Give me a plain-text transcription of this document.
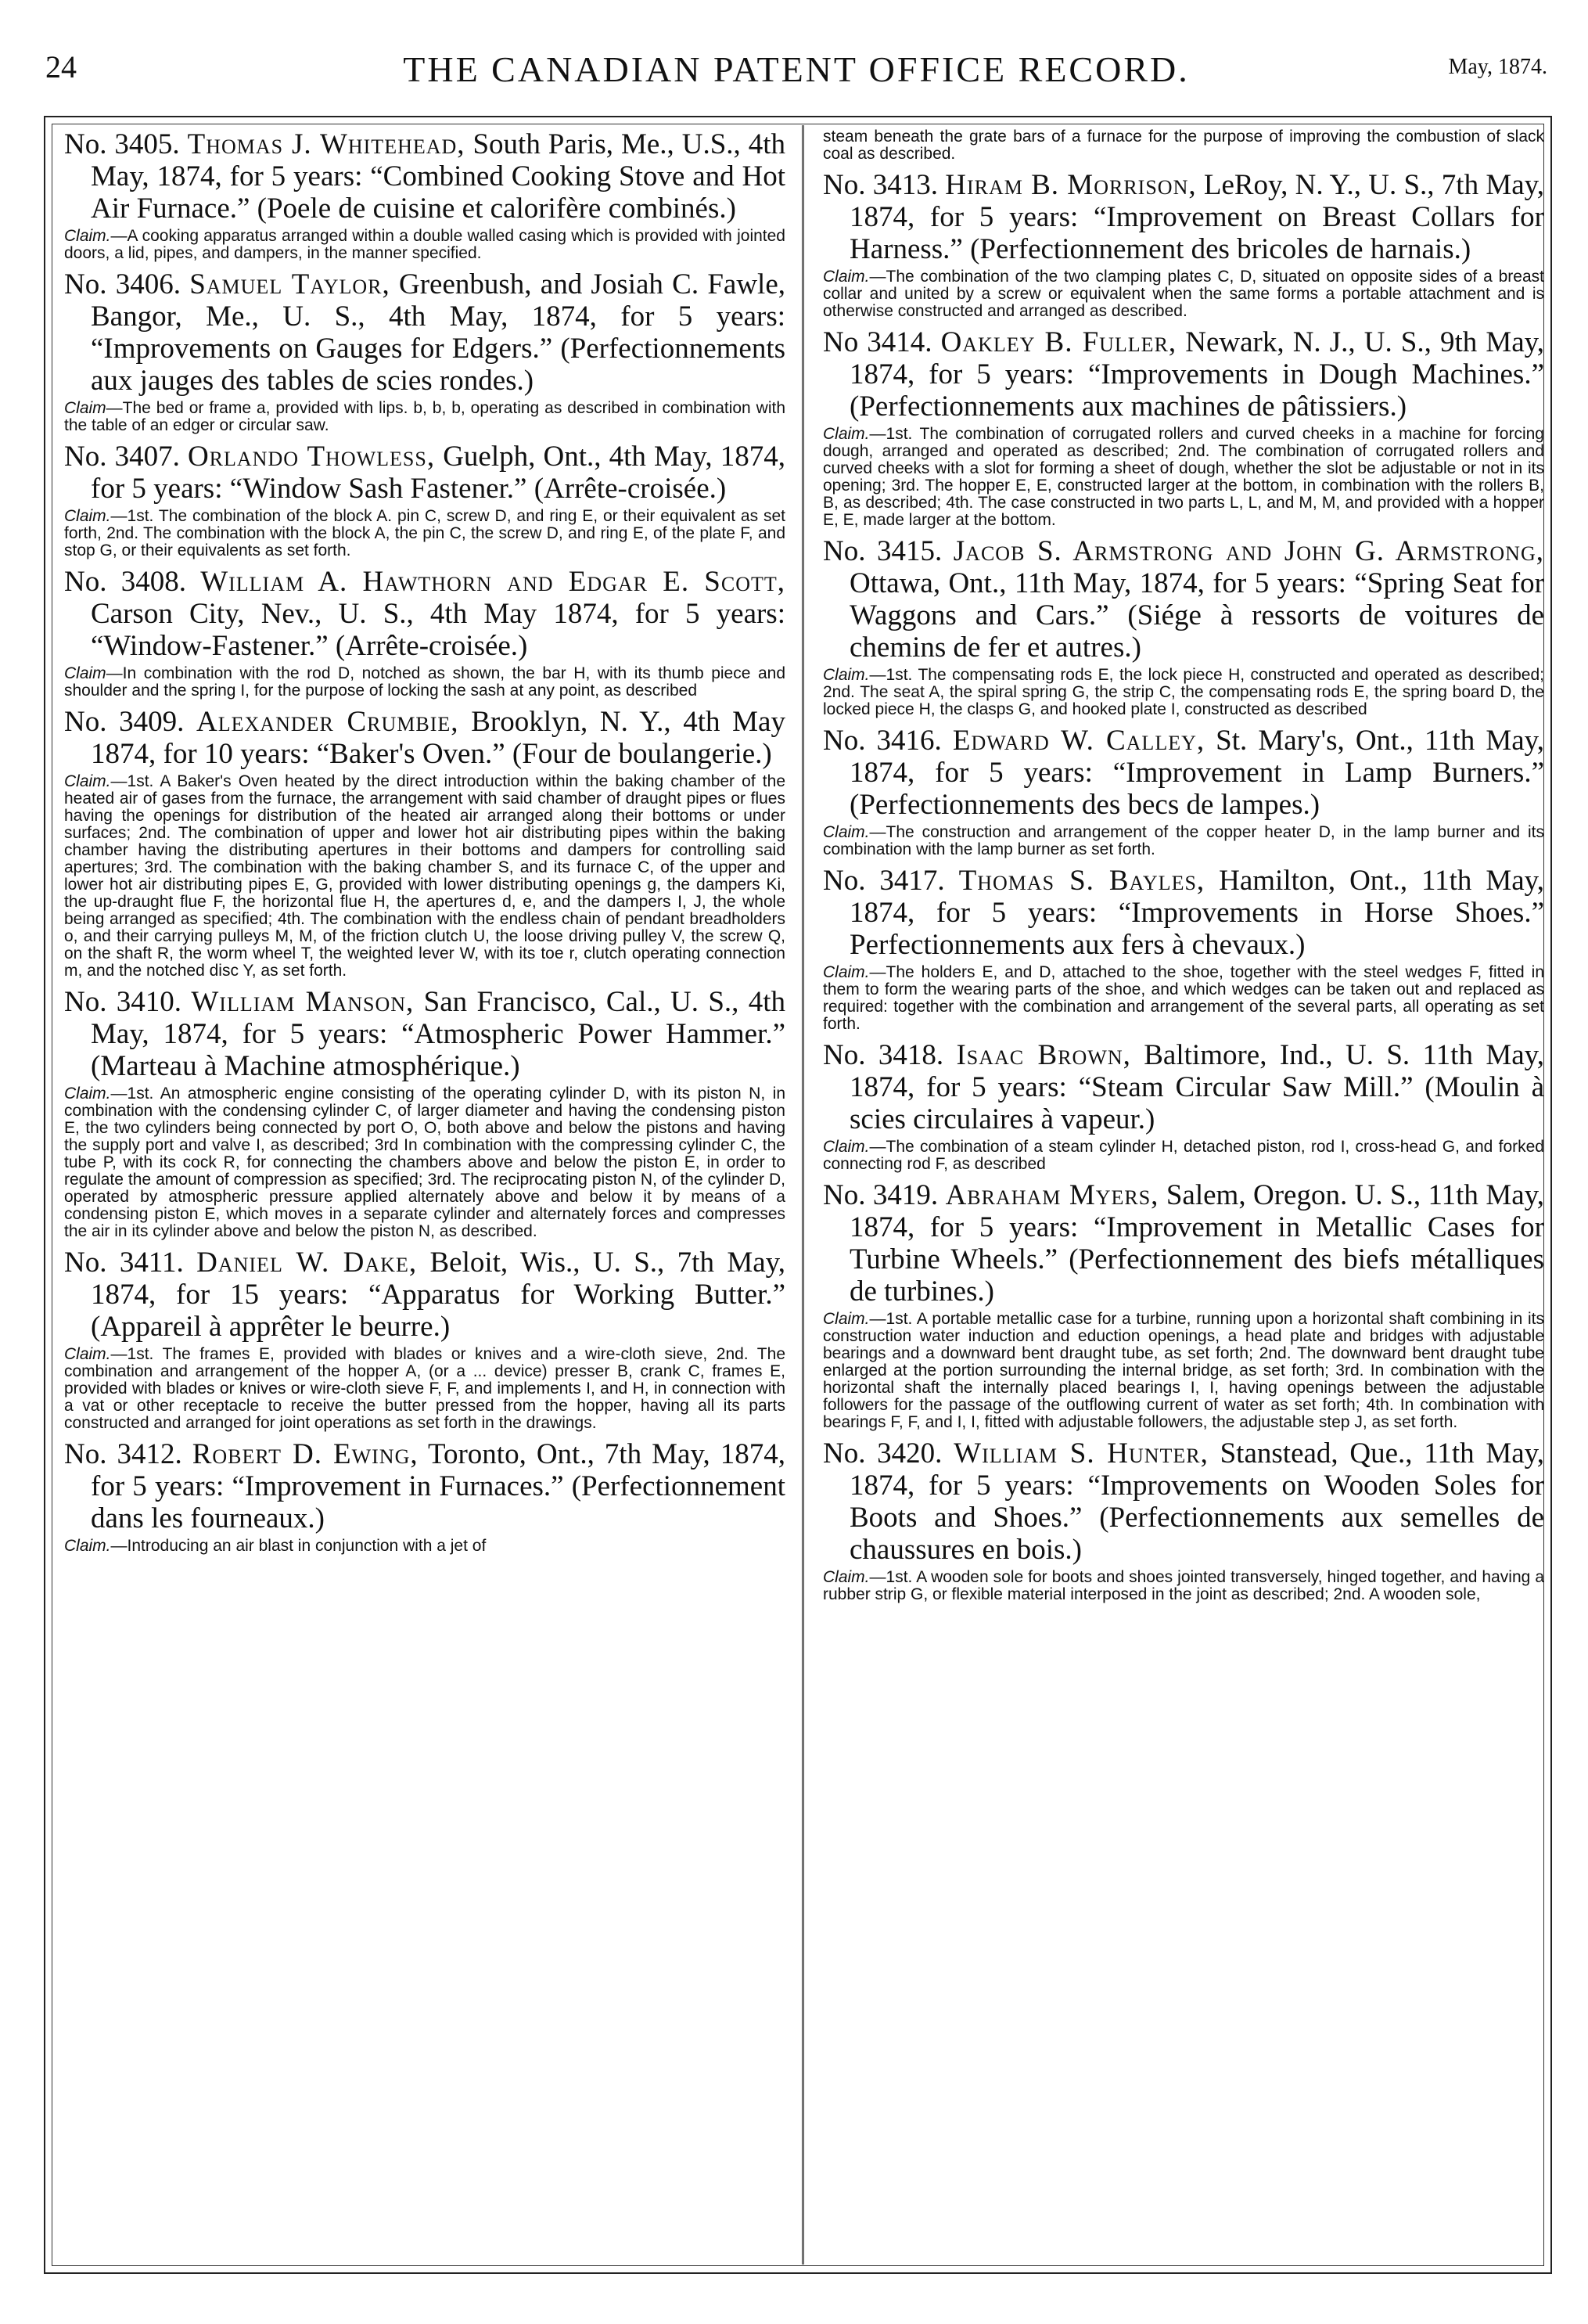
24	THE CANADIAN PATENT OFFICE RECORD.	May, 1874.

No. 3405. Thomas J. Whitehead, South Paris, Me., U.S., 4th May, 1874, for 5 years: “Combined Cooking Stove and Hot Air Furnace.” (Poele de cuisine et calorifère combinés.)

Claim.—A cooking apparatus arranged within a double walled casing which is provided with jointed doors, a lid, pipes, and dampers, in the manner specified.

No. 3406. Samuel Taylor, Greenbush, and Josiah C. Fawle, Bangor, Me., U. S., 4th May, 1874, for 5 years: “Improvements on Gauges for Edgers.” (Perfectionnements aux jauges des tables de scies rondes.)

Claim—The bed or frame a, provided with lips. b, b, b, operating as described in combination with the table of an edger or circular saw.

No. 3407. Orlando Thowless, Guelph, Ont., 4th May, 1874, for 5 years: “Window Sash Fastener.” (Arrête-croisée.)

Claim.—1st. The combination of the block A. pin C, screw D, and ring E, or their equivalent as set forth, 2nd. The combination with the block A, the pin C, the screw D, and ring E, of the plate F, and stop G, or their equivalents as set forth.

No. 3408. William A. Hawthorn and Edgar E. Scott, Carson City, Nev., U. S., 4th May 1874, for 5 years: “Window-Fastener.” (Arrête-croisée.)

Claim—In combination with the rod D, notched as shown, the bar H, with its thumb piece and shoulder and the spring I, for the purpose of locking the sash at any point, as described

No. 3409. Alexander Crumbie, Brooklyn, N. Y., 4th May 1874, for 10 years: “Baker's Oven.” (Four de boulangerie.)

Claim.—1st. A Baker's Oven heated by the direct introduction within the baking chamber of the heated air of gases from the furnace, the arrangement with said chamber of draught pipes or flues having the openings for distribution of the heated air arranged along their bottoms or under surfaces; 2nd. The combination of upper and lower hot air distributing pipes within the baking chamber having the distributing apertures in their bottoms and dampers for controlling said apertures; 3rd. The combination with the baking chamber S, and its furnace C, of the upper and lower hot air distributing pipes E, G, provided with lower distributing openings g, the dampers Ki, the up-draught flue F, the horizontal flue H, the apertures d, e, and the dampers I, J, the whole being arranged as specified; 4th. The combination with the endless chain of pendant breadholders o, and their carrying pulleys M, M, of the friction clutch U, the loose driving pulley V, the screw Q, on the shaft R, the worm wheel T, the weighted lever W, with its toe r, clutch operating connection m, and the notched disc Y, as set forth.

No. 3410. William Manson, San Francisco, Cal., U. S., 4th May, 1874, for 5 years: “Atmospheric Power Hammer.” (Marteau à Machine atmosphérique.)

Claim.—1st. An atmospheric engine consisting of the operating cylinder D, with its piston N, in combination with the condensing cylinder C, of larger diameter and having the condensing piston E, the two cylinders being connected by port O, O, both above and below the pistons and having the supply port and valve I, as described; 3rd In combination with the compressing cylinder C, the tube P, with its cock R, for connecting the chambers above and below the piston E, in order to regulate the amount of compression as specified; 3rd. The reciprocating piston N, of the cylinder D, operated by atmospheric pressure applied alternately above and below it by means of a condensing piston E, which moves in a separate cylinder and alternately forces and compresses the air in its cylinder above and below the piston N, as described.

No. 3411. Daniel W. Dake, Beloit, Wis., U. S., 7th May, 1874, for 15 years: “Apparatus for Working Butter.” (Appareil à apprêter le beurre.)

Claim.—1st. The frames E, provided with blades or knives and a wire-cloth sieve, 2nd. The combination and arrangement of the hopper A, (or a ... device) presser B, crank C, frames E, provided with blades or knives or wire-cloth sieve F, F, and implements I, and H, in connection with a vat or other receptacle to receive the butter pressed from the hopper, having all its parts constructed and arranged for joint operations as set forth in the drawings.

No. 3412. Robert D. Ewing, Toronto, Ont., 7th May, 1874, for 5 years: “Improvement in Furnaces.” (Perfectionnement dans les fourneaux.)

Claim.—Introducing an air blast in conjunction with a jet of

steam beneath the grate bars of a furnace for the purpose of improving the combustion of slack coal as described.

No. 3413. Hiram B. Morrison, LeRoy, N. Y., U. S., 7th May, 1874, for 5 years: “Improvement on Breast Collars for Harness.” (Perfectionnement des bricoles de harnais.)

Claim.—The combination of the two clamping plates C, D, situated on opposite sides of a breast collar and united by a screw or equivalent when the same forms a portable attachment and is otherwise constructed and arranged as described.

No 3414. Oakley B. Fuller, Newark, N. J., U. S., 9th May, 1874, for 5 years: “Improvements in Dough Machines.” (Perfectionnements aux machines de pâtissiers.)

Claim.—1st. The combination of corrugated rollers and curved cheeks in a machine for forcing dough, arranged and operated as described; 2nd. The combination of corrugated rollers and curved cheeks with a slot for forming a sheet of dough, whether the slot be adjustable or not in its opening; 3rd. The hopper E, E, constructed larger at the bottom, in combination with the rollers B, B, as described; 4th. The case constructed in two parts L, L, and M, M, and provided with a hopper E, E, made larger at the bottom.

No. 3415. Jacob S. Armstrong and John G. Armstrong, Ottawa, Ont., 11th May, 1874, for 5 years: “Spring Seat for Waggons and Cars.” (Siége à ressorts de voitures de chemins de fer et autres.)

Claim.—1st. The compensating rods E, the lock piece H, constructed and operated as described; 2nd. The seat A, the spiral spring G, the strip C, the compensating rods E, the spring board D, the locked piece H, the clasps G, and hooked plate I, constructed as described

No. 3416. Edward W. Calley, St. Mary's, Ont., 11th May, 1874, for 5 years: “Improvement in Lamp Burners.” (Perfectionnements des becs de lampes.)

Claim.—The construction and arrangement of the copper heater D, in the lamp burner and its combination with the lamp burner as set forth.

No. 3417. Thomas S. Bayles, Hamilton, Ont., 11th May, 1874, for 5 years: “Improvements in Horse Shoes.” Perfectionnements aux fers à chevaux.)

Claim.—The holders E, and D, attached to the shoe, together with the steel wedges F, fitted in them to form the wearing parts of the shoe, and which wedges can be taken out and replaced as required: together with the combination and arrangement of the several parts, all operating as set forth.

No. 3418. Isaac Brown, Baltimore, Ind., U. S. 11th May, 1874, for 5 years: “Steam Circular Saw Mill.” (Moulin à scies circulaires à vapeur.)

Claim.—The combination of a steam cylinder H, detached piston, rod I, cross-head G, and forked connecting rod F, as described

No. 3419. Abraham Myers, Salem, Oregon. U. S., 11th May, 1874, for 5 years: “Improvement in Metallic Cases for Turbine Wheels.” (Perfectionnement des biefs métalliques de turbines.)

Claim.—1st. A portable metallic case for a turbine, running upon a horizontal shaft combining in its construction water induction and eduction openings, a head plate and bridges with adjustable bearings and a downward bent draught tube, as set forth; 2nd. The downward bent draught tube enlarged at the portion surrounding the internal bridge, as set forth; 3rd. In combination with the horizontal shaft the internally placed bearings I, I, having openings between the adjustable followers for the passage of the outflowing current of water as set forth; 4th. In combination with bearings F, F, and I, I, fitted with adjustable followers, the adjustable step J, as set forth.

No. 3420. William S. Hunter, Stanstead, Que., 11th May, 1874, for 5 years: “Improvements on Wooden Soles for Boots and Shoes.” (Perfectionnements aux semelles de chaussures en bois.)

Claim.—1st. A wooden sole for boots and shoes jointed transversely, hinged together, and having a rubber strip G, or flexible material interposed in the joint as described; 2nd. A wooden sole,
